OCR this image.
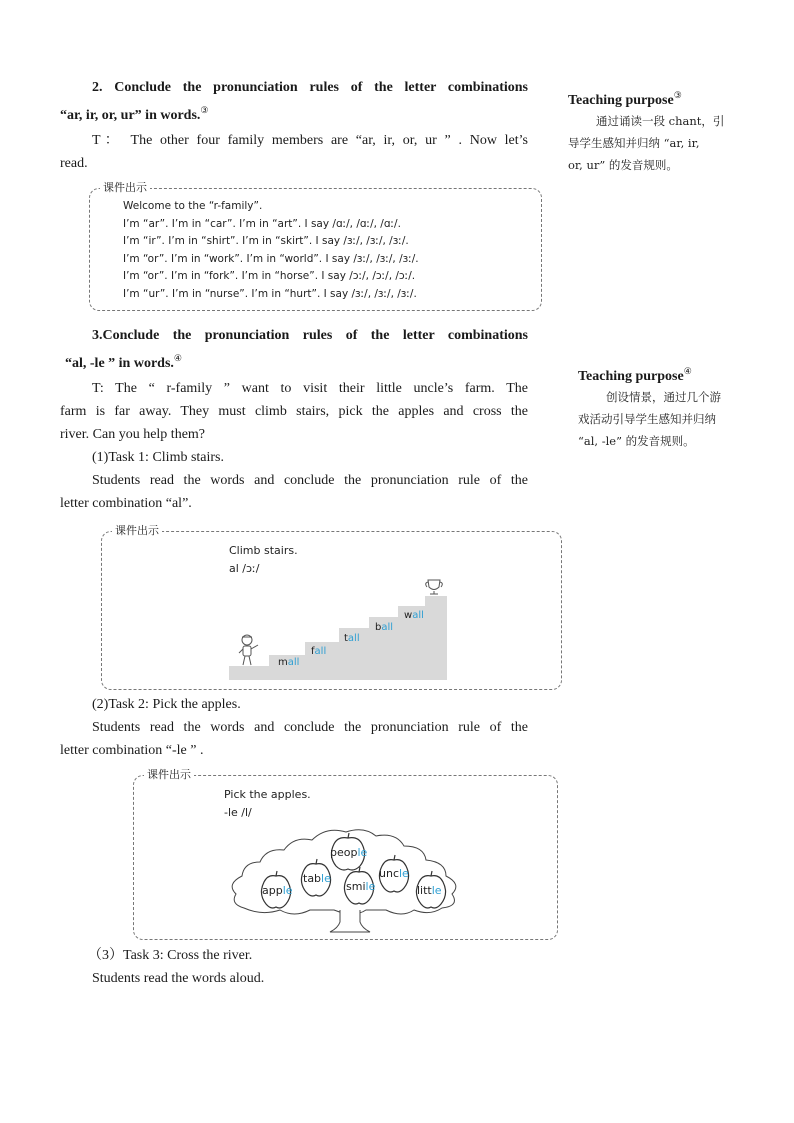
2. Conclude the pronunciation rules of the letter combinations

“ar, ir, or, ur” in words.③

T： The other four family members are “ar, ir, or, ur ” . Now let’s

read.

课件出示
Welcome to the “r-family”.
I’m “ar”. I’m in “car”. I’m in “art”. I say /ɑː/, /ɑː/, /ɑː/.
I’m “ir”. I’m in “shirt”. I’m in “skirt”. I say /ɜː/, /ɜː/, /ɜː/.
I’m “or”. I’m in “work”. I’m in “world”. I say /ɜː/, /ɜː/, /ɜː/.
I’m “or”. I’m in “fork”. I’m in “horse”. I say /ɔː/, /ɔː/, /ɔː/.
I’m “ur”. I’m in “nurse”. I’m in “hurt”. I say /ɜː/, /ɜː/, /ɜː/.
Teaching purpose③
通过诵读一段 chant，引
导学生感知并归纳 “ar, ir,
or, ur” 的发音规则。

3.Conclude the pronunciation rules of the letter combinations

“al, -le ” in words.④

T: The “ r-family ” want to visit their little uncle’s farm. The

farm is far away. They must climb stairs, pick the apples and cross the

river. Can you help them?

(1)Task 1: Climb stairs.

Students read the words and conclude the pronunciation rule of the

letter combination “al”.

Teaching purpose④
创设情景，通过几个游
戏活动引导学生感知并归纳
“al, -le” 的发音规则。
课件出示
Climb stairs.
al /ɔː/
mall
fall
tall
ball
wall

(2)Task 2: Pick the apples.

Students read the words and conclude the pronunciation rule of the

letter combination “-le ” .

课件出示
Pick the apples.
-le /l/
apple
table
people
smile
uncle
little

（3）Task 3: Cross the river.

Students read the words aloud.
